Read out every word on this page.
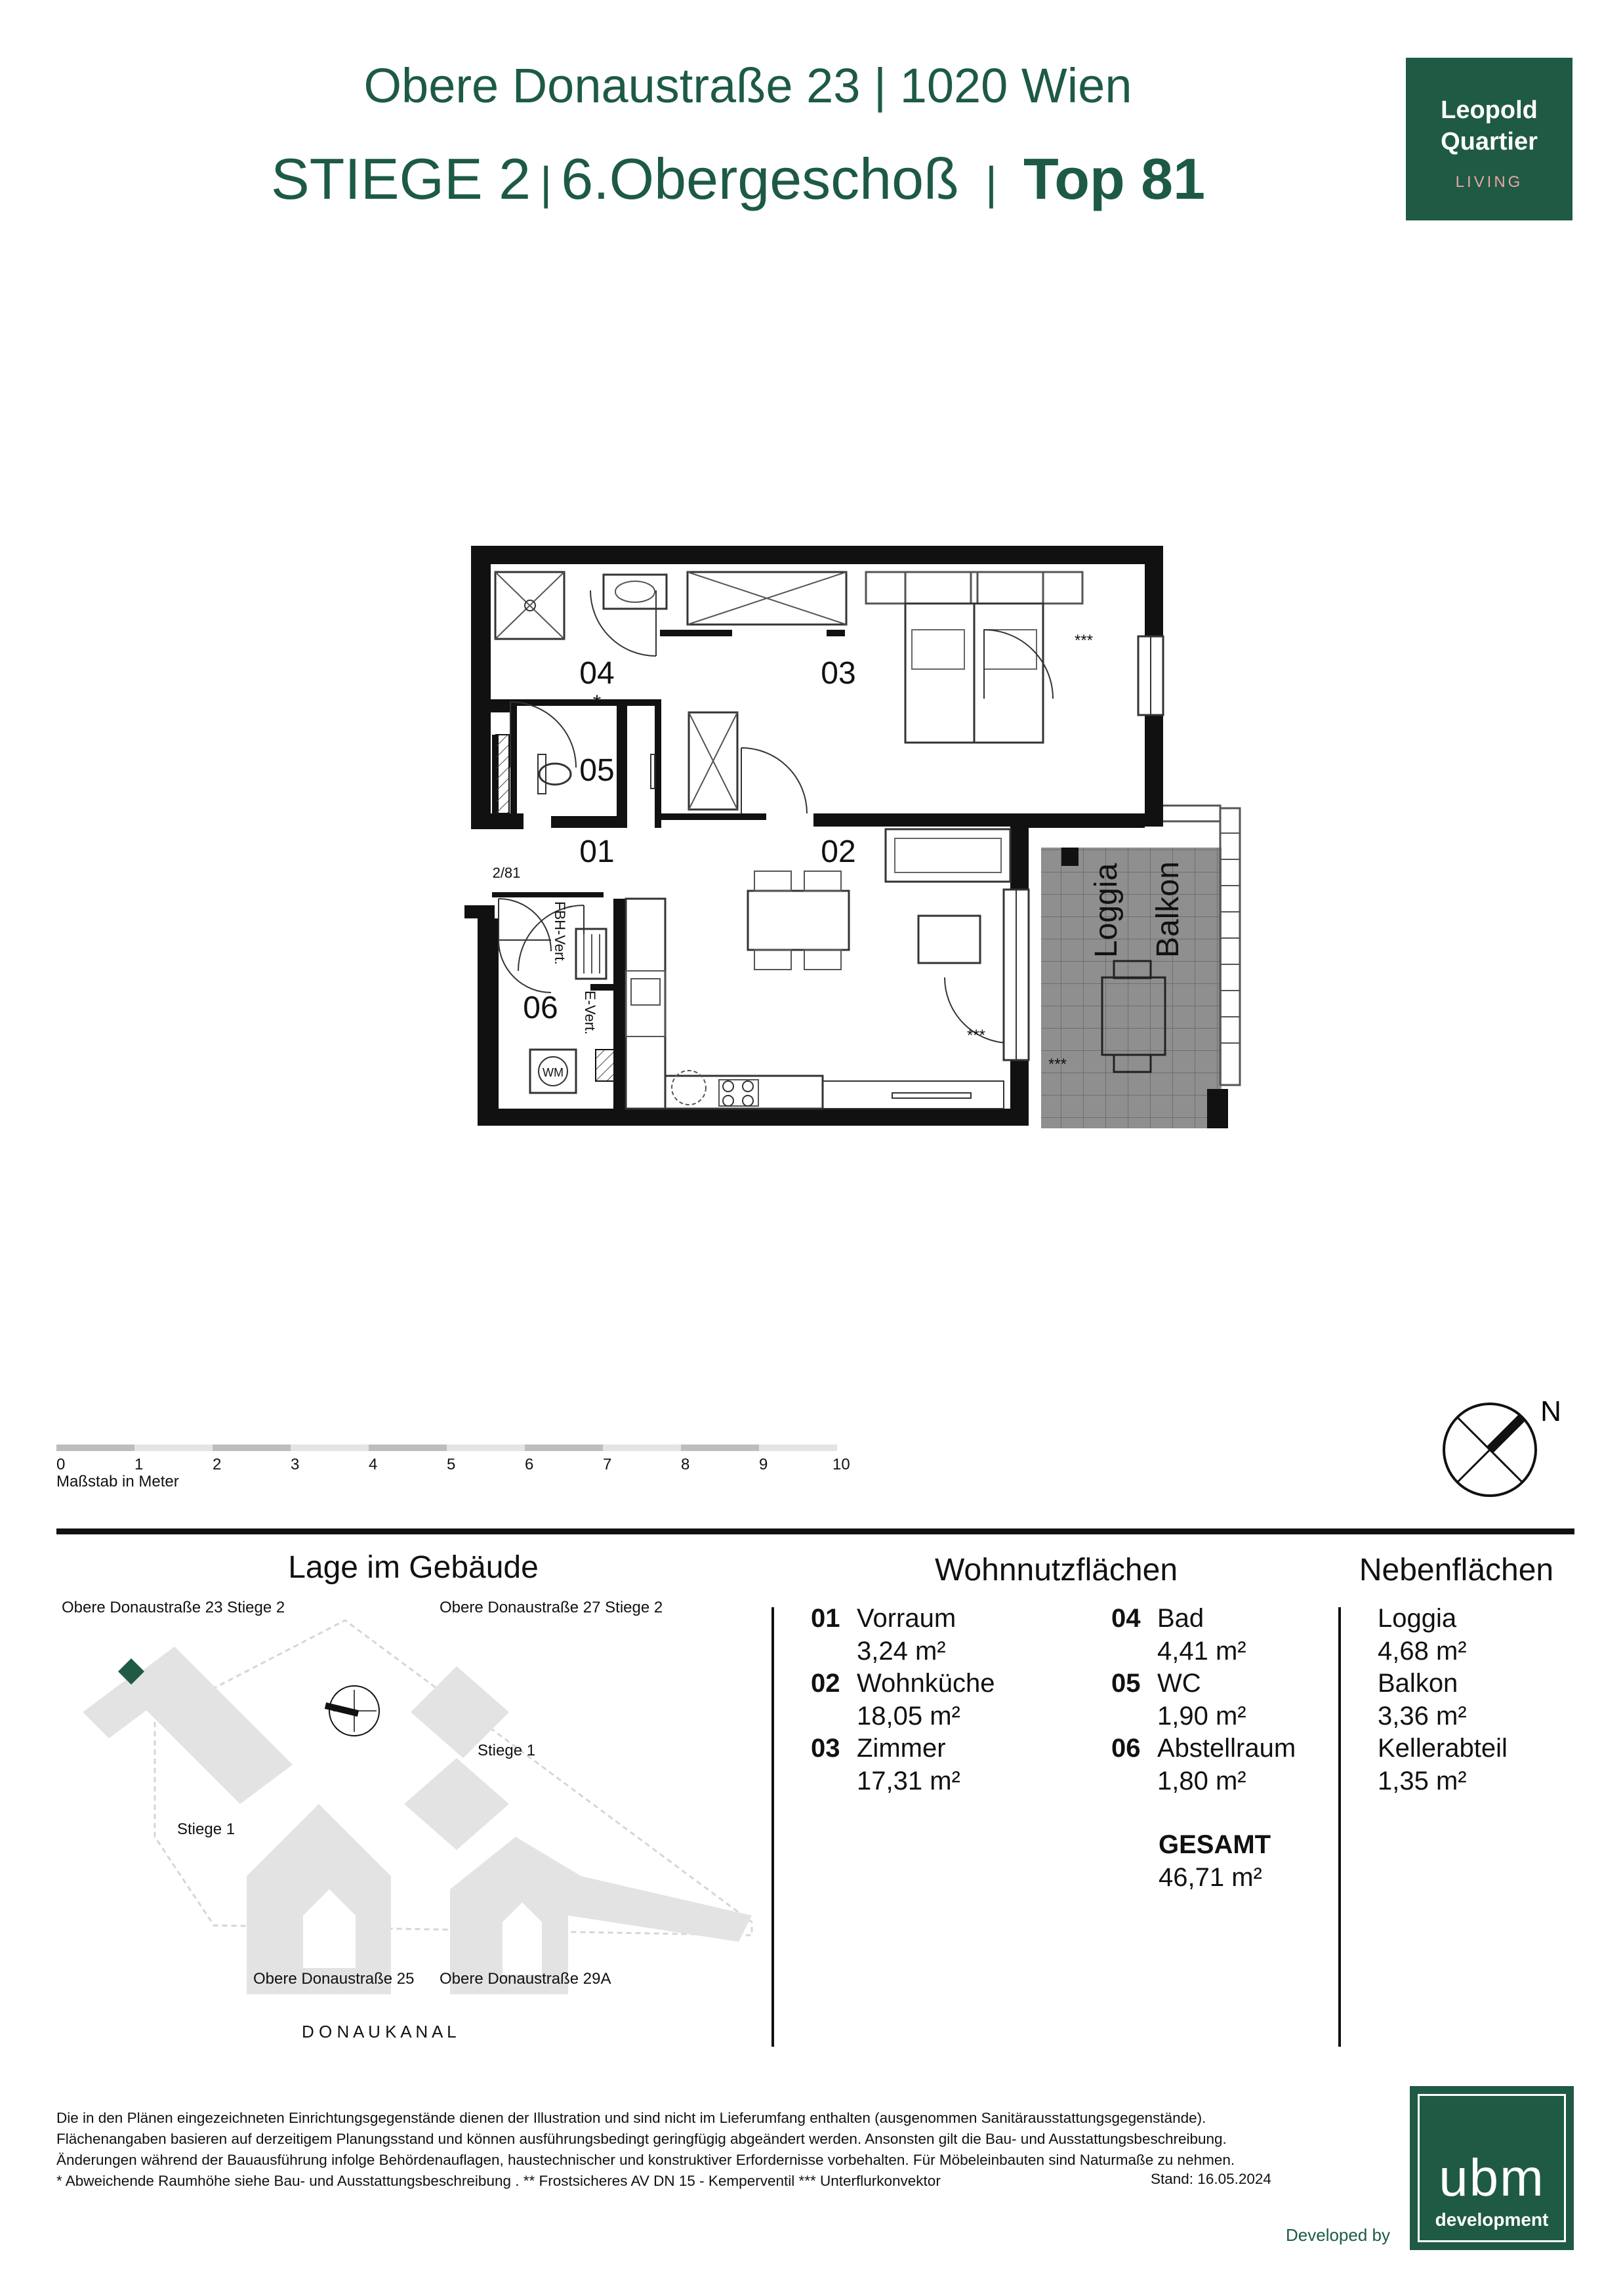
Obere Donaustraße 23 | 1020 Wien
STIEGE 2 | 6.Obergeschoß | Top 81
Leopold
Quartier
LIVING
04
*
03
05
01	02
06
Loggia Balkon
2/81
FBH-Vert.
E-Vert.
WM
***
***
***
0	1	2	3	4	5	6	7	8	9	10
Maßstab in Meter
N
Lage im Gebäude
Obere Donaustraße 23 Stiege 2	Obere Donaustraße 27 Stiege 2
Stiege 1
Stiege 1
Obere Donaustraße 25 Obere Donaustraße 29A
D O N A U K A N A L
Wohnnutzflächen
01 Vorraum
3,24 m²
02 Wohnküche
18,05 m²
03 Zimmer
17,31 m²
04 Bad
4,41 m²
05 WC
1,90 m²
06 Abstellraum
1,80 m²
GESAMT
46,71 m²
Nebenflächen
Loggia
4,68 m²
Balkon
3,36 m²
Kellerabteil
1,35 m²
Die in den Plänen eingezeichneten Einrichtungsgegenstände dienen der Illustration und sind nicht im Lieferumfang enthalten (ausgenommen Sanitärausstattungsgegenstände).
Flächenangaben basieren auf derzeitigem Planungsstand und können ausführungsbedingt geringfügig abgeändert werden. Ansonsten gilt die Bau- und Ausstattungsbeschreibung.
Änderungen während der Bauausführung infolge Behördenauflagen, haustechnischer und konstruktiver Erfordernisse vorbehalten. Für Möbeleinbauten sind Naturmaße zu nehmen.
* Abweichende Raumhöhe siehe Bau- und Ausstattungsbeschreibung . ** Frostsicheres AV DN 15 - Kemperventil *** Unterflurkonvektor	Stand: 16.05.2024
Developed by
ubm
development
